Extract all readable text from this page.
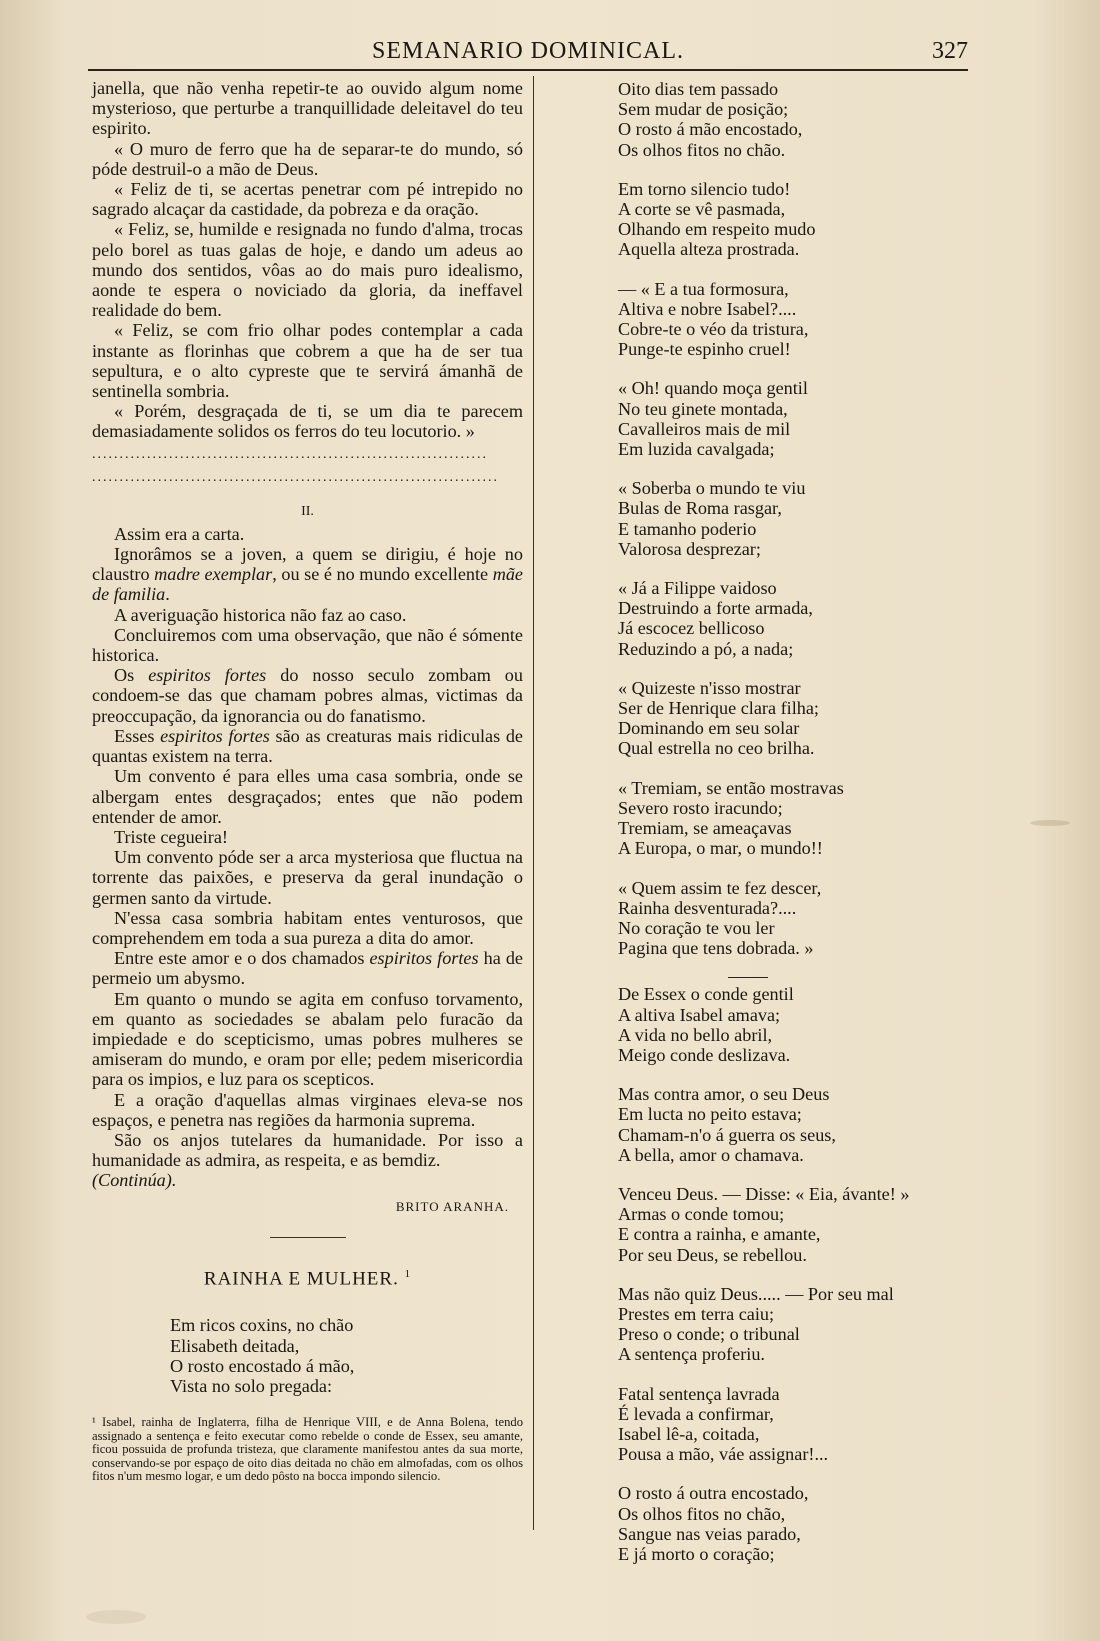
SEMANARIO DOMINICAL.	327

janella, que não venha repetir-te ao ouvido algum nome mysterioso, que perturbe a tranquillidade deleitavel do teu espirito.

« O muro de ferro que ha de separar-te do mundo, só póde destruil-o a mão de Deus.

« Feliz de ti, se acertas penetrar com pé intrepido no sagrado alcaçar da castidade, da pobreza e da oração.

« Feliz, se, humilde e resignada no fundo d'alma, trocas pelo borel as tuas galas de hoje, e dando um adeus ao mundo dos sentidos, vôas ao do mais puro idealismo, aonde te espera o noviciado da gloria, da ineffavel realidade do bem.

« Feliz, se com frio olhar podes contemplar a cada instante as florinhas que cobrem a que ha de ser tua sepultura, e o alto cypreste que te servirá ámanhã de sentinella sombria.

« Porém, desgraçada de ti, se um dia te parecem demasiadamente solidos os ferros do teu locutorio. »

........................................................................
..........................................................................
II.

Assim era a carta.

Ignorâmos se a joven, a quem se dirigiu, é hoje no claustro madre exemplar, ou se é no mundo excellente mãe de familia.

A averiguação historica não faz ao caso.

Concluiremos com uma observação, que não é sómente historica.

Os espiritos fortes do nosso seculo zombam ou condoem-se das que chamam pobres almas, victimas da preoccupação, da ignorancia ou do fanatismo.

Esses espiritos fortes são as creaturas mais ridiculas de quantas existem na terra.

Um convento é para elles uma casa sombria, onde se albergam entes desgraçados; entes que não podem entender de amor.

Triste cegueira!

Um convento póde ser a arca mysteriosa que fluctua na torrente das paixões, e preserva da geral inundação o germen santo da virtude.

N'essa casa sombria habitam entes venturosos, que comprehendem em toda a sua pureza a dita do amor.

Entre este amor e o dos chamados espiritos fortes ha de permeio um abysmo.

Em quanto o mundo se agita em confuso torvamento, em quanto as sociedades se abalam pelo furacão da impiedade e do scepticismo, umas pobres mulheres se amiseram do mundo, e oram por elle; pedem misericordia para os impios, e luz para os scepticos.

E a oração d'aquellas almas virginaes eleva-se nos espaços, e penetra nas regiões da harmonia suprema.

São os anjos tutelares da humanidade. Por isso a humanidade as admira, as respeita, e as bemdiz.

(Continúa).

BRITO ARANHA.
RAINHA E MULHER. $^1$
Em ricos coxins, no chão
Elisabeth deitada,
O rosto encostado á mão,
Vista no solo pregada:
¹ Isabel, rainha de Inglaterra, filha de Henrique VIII, e de Anna Bolena, tendo assignado a sentença e feito executar como rebelde o conde de Essex, seu amante, ficou possuida de profunda tristeza, que claramente manifestou antes da sua morte, conservando-se por espaço de oito dias deitada no chão em almofadas, com os olhos fitos n'um mesmo logar, e um dedo pôsto na bocca impondo silencio.
Oito dias tem passado
Sem mudar de posição;
O rosto á mão encostado,
Os olhos fitos no chão.
Em torno silencio tudo!
A corte se vê pasmada,
Olhando em respeito mudo
Aquella alteza prostrada.
— « E a tua formosura,
Altiva e nobre Isabel?....
Cobre-te o véo da tristura,
Punge-te espinho cruel!
« Oh! quando moça gentil
No teu ginete montada,
Cavalleiros mais de mil
Em luzida cavalgada;
« Soberba o mundo te viu
Bulas de Roma rasgar,
E tamanho poderio
Valorosa desprezar;
« Já a Filippe vaidoso
Destruindo a forte armada,
Já escocez bellicoso
Reduzindo a pó, a nada;
« Quizeste n'isso mostrar
Ser de Henrique clara filha;
Dominando em seu solar
Qual estrella no ceo brilha.
« Tremiam, se então mostravas
Severo rosto iracundo;
Tremiam, se ameaçavas
A Europa, o mar, o mundo!!
« Quem assim te fez descer,
Rainha desventurada?....
No coração te vou ler
Pagina que tens dobrada. »
De Essex o conde gentil
A altiva Isabel amava;
A vida no bello abril,
Meigo conde deslizava.
Mas contra amor, o seu Deus
Em lucta no peito estava;
Chamam-n'o á guerra os seus,
A bella, amor o chamava.
Venceu Deus. — Disse: « Eia, ávante! »
Armas o conde tomou;
E contra a rainha, e amante,
Por seu Deus, se rebellou.
Mas não quiz Deus..... — Por seu mal
Prestes em terra caiu;
Preso o conde; o tribunal
A sentença proferiu.
Fatal sentença lavrada
É levada a confirmar,
Isabel lê-a, coitada,
Pousa a mão, váe assignar!...
O rosto á outra encostado,
Os olhos fitos no chão,
Sangue nas veias parado,
E já morto o coração;
